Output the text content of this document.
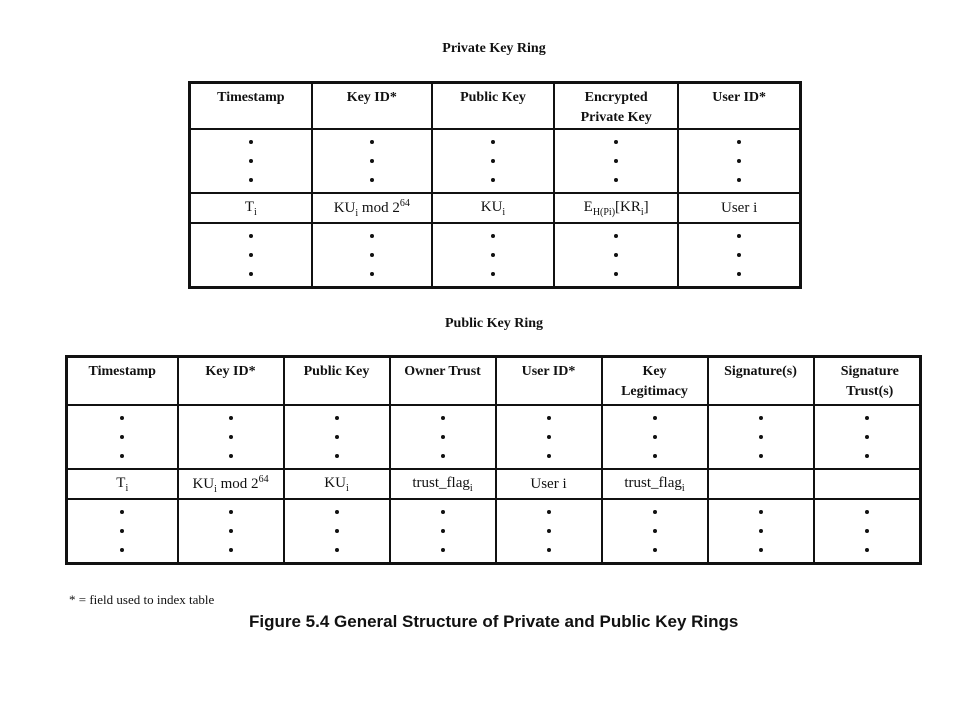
Private Key Ring
Timestamp	Key ID*	Public Key	Encrypted Private Key	User ID*

$T_i$	$KU_i$ mod $2^{64}$	$KU_i$	$E_{H(Pi)}[KR_i]$	User i

Public Key Ring
Timestamp	Key ID*	Public Key	Owner Trust	User ID*	Key Legitimacy	Signature(s)	Signature Trust(s)

$T_i$	$KU_i$ mod $2^{64}$	$KU_i$	trust_flag$_i$	User i	trust_flag$_i$		

* = field used to index table
Figure 5.4 General Structure of Private and Public Key Rings
